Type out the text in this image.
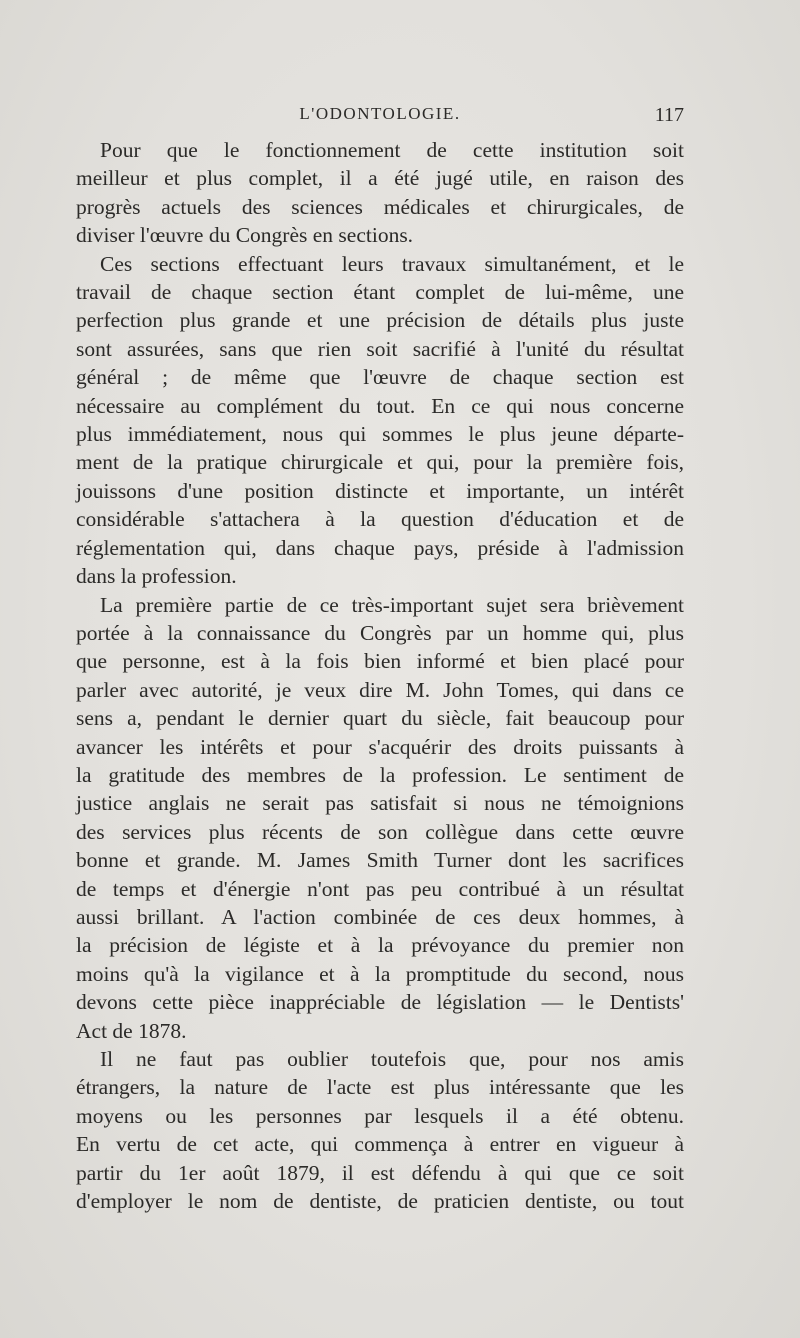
L'ODONTOLOGIE.	117

Pour que le fonctionnement de cette institution soit
meilleur et plus complet, il a été jugé utile, en raison des
progrès actuels des sciences médicales et chirurgicales, de
diviser l'œuvre du Congrès en sections.

Ces sections effectuant leurs travaux simultanément, et le
travail de chaque section étant complet de lui-même, une
perfection plus grande et une précision de détails plus juste
sont assurées, sans que rien soit sacrifié à l'unité du résultat
général ; de même que l'œuvre de chaque section est
nécessaire au complément du tout. En ce qui nous concerne
plus immédiatement, nous qui sommes le plus jeune départe-
ment de la pratique chirurgicale et qui, pour la première fois,
jouissons d'une position distincte et importante, un intérêt
considérable s'attachera à la question d'éducation et de
réglementation qui, dans chaque pays, préside à l'admission
dans la profession.

La première partie de ce très-important sujet sera brièvement
portée à la connaissance du Congrès par un homme qui, plus
que personne, est à la fois bien informé et bien placé pour
parler avec autorité, je veux dire M. John Tomes, qui dans ce
sens a, pendant le dernier quart du siècle, fait beaucoup pour
avancer les intérêts et pour s'acquérir des droits puissants à
la gratitude des membres de la profession. Le sentiment de
justice anglais ne serait pas satisfait si nous ne témoignions
des services plus récents de son collègue dans cette œuvre
bonne et grande. M. James Smith Turner dont les sacrifices
de temps et d'énergie n'ont pas peu contribué à un résultat
aussi brillant. A l'action combinée de ces deux hommes, à
la précision de légiste et à la prévoyance du premier non
moins qu'à la vigilance et à la promptitude du second, nous
devons cette pièce inappréciable de législation — le Dentists'
Act de 1878.

Il ne faut pas oublier toutefois que, pour nos amis
étrangers, la nature de l'acte est plus intéressante que les
moyens ou les personnes par lesquels il a été obtenu.
En vertu de cet acte, qui commença à entrer en vigueur à
partir du 1er août 1879, il est défendu à qui que ce soit
d'employer le nom de dentiste, de praticien dentiste, ou tout
